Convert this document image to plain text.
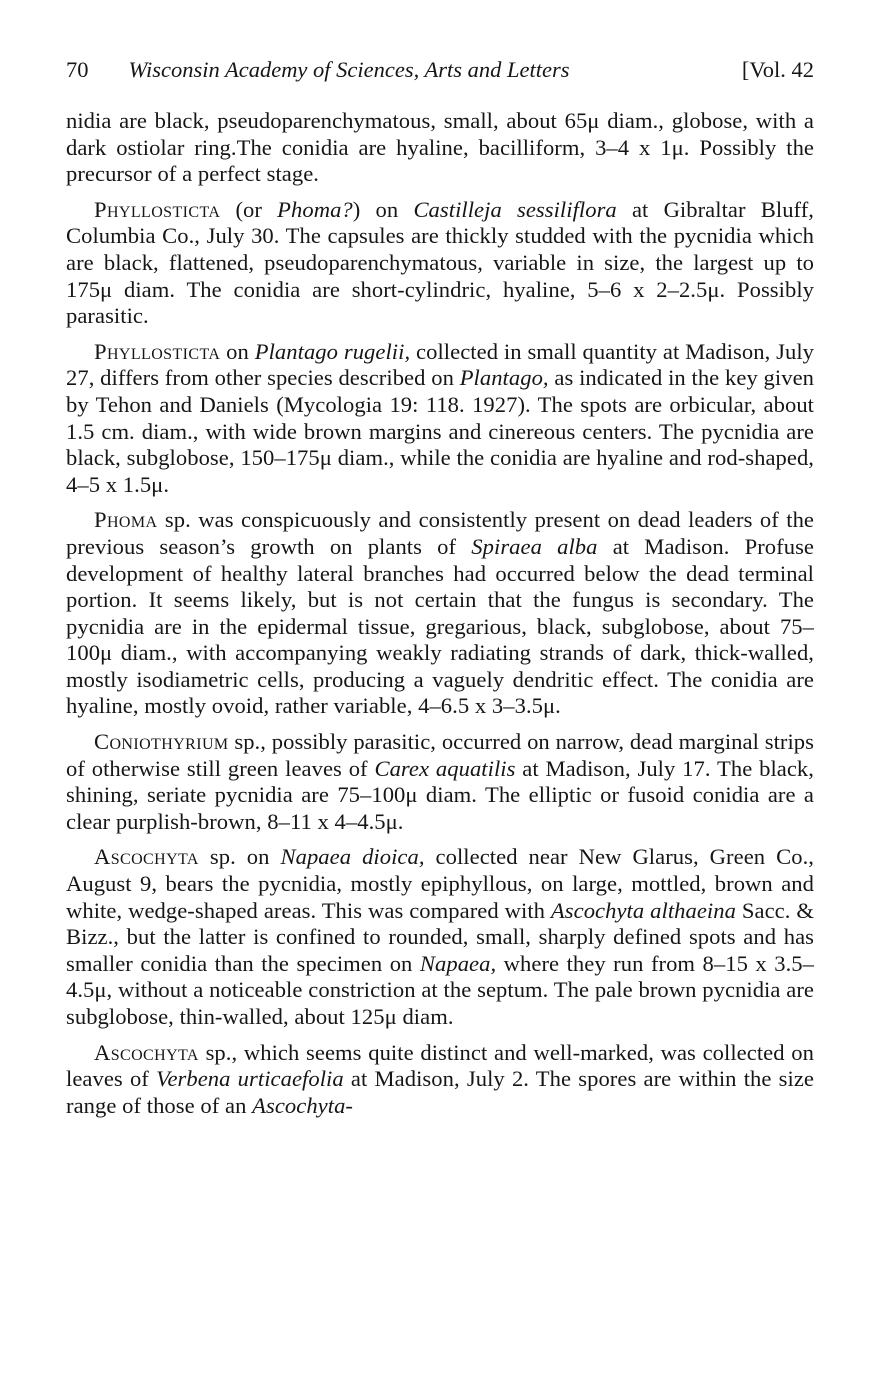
70 Wisconsin Academy of Sciences, Arts and Letters	[Vol. 42

nidia are black, pseudoparenchymatous, small, about 65μ diam., globose, with a dark ostiolar ring.The conidia are hyaline, bacilliform, 3–4 x 1μ. Possibly the precursor of a perfect stage.

Phyllosticta (or Phoma?) on Castilleja sessiliflora at Gibraltar Bluff, Columbia Co., July 30. The capsules are thickly studded with the pycnidia which are black, flattened, pseudoparenchymatous, variable in size, the largest up to 175μ diam. The conidia are short-cylindric, hyaline, 5–6 x 2–2.5μ. Possibly parasitic.

Phyllosticta on Plantago rugelii, collected in small quantity at Madison, July 27, differs from other species described on Plantago, as indicated in the key given by Tehon and Daniels (Mycologia 19: 118. 1927). The spots are orbicular, about 1.5 cm. diam., with wide brown margins and cinereous centers. The pycnidia are black, subglobose, 150–175μ diam., while the conidia are hyaline and rod-shaped, 4–5 x 1.5μ.

Phoma sp. was conspicuously and consistently present on dead leaders of the previous season’s growth on plants of Spiraea alba at Madison. Profuse development of healthy lateral branches had occurred below the dead terminal portion. It seems likely, but is not certain that the fungus is secondary. The pycnidia are in the epidermal tissue, gregarious, black, subglobose, about 75–100μ diam., with accompanying weakly radiating strands of dark, thick-walled, mostly isodiametric cells, producing a vaguely dendritic effect. The conidia are hyaline, mostly ovoid, rather variable, 4–6.5 x 3–3.5μ.

Coniothyrium sp., possibly parasitic, occurred on narrow, dead marginal strips of otherwise still green leaves of Carex aquatilis at Madison, July 17. The black, shining, seriate pycnidia are 75–100μ diam. The elliptic or fusoid conidia are a clear purplish-brown, 8–11 x 4–4.5μ.

Ascochyta sp. on Napaea dioica, collected near New Glarus, Green Co., August 9, bears the pycnidia, mostly epiphyllous, on large, mottled, brown and white, wedge-shaped areas. This was compared with Ascochyta althaeina Sacc. & Bizz., but the latter is confined to rounded, small, sharply defined spots and has smaller conidia than the specimen on Napaea, where they run from 8–15 x 3.5–4.5μ, without a noticeable constriction at the septum. The pale brown pycnidia are subglobose, thin-walled, about 125μ diam.

Ascochyta sp., which seems quite distinct and well-marked, was collected on leaves of Verbena urticaefolia at Madison, July 2. The spores are within the size range of those of an Ascochyta-
